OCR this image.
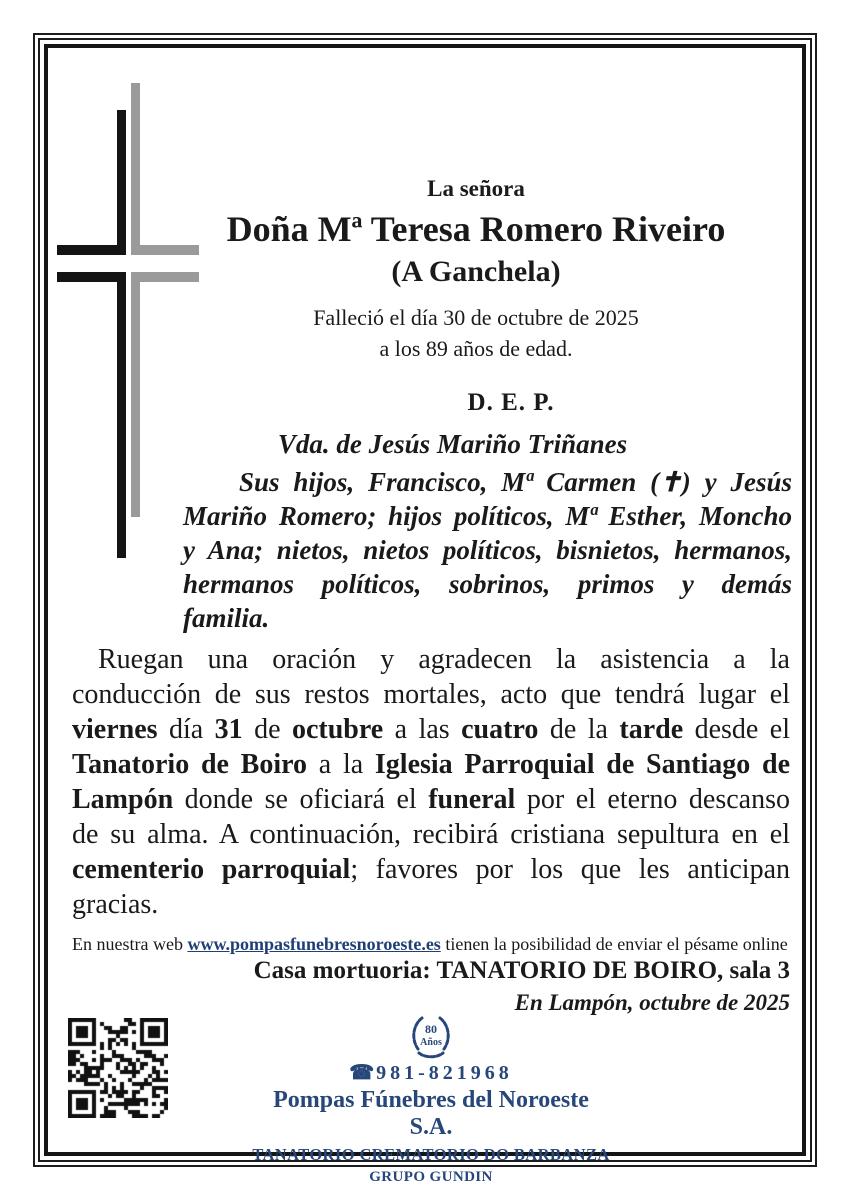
La señora
Doña Mª Teresa Romero Riveiro
(A Ganchela)
Falleció el día 30 de octubre de 2025
a los 89 años de edad.
D. E. P.
Vda. de Jesús Mariño Triñanes
Sus hijos, Francisco, Mª Carmen (✝) y Jesús Mariño Romero; hijos políticos, Mª Esther, Moncho y Ana; nietos, nietos políticos, bisnietos, hermanos, hermanos políticos, sobrinos, primos y demás familia.
Ruegan una oración y agradecen la asistencia a la conducción de sus restos mortales, acto que tendrá lugar el viernes día 31 de octubre a las cuatro de la tarde desde el Tanatorio de Boiro a la Iglesia Parroquial de Santiago de Lampón donde se oficiará el funeral por el eterno descanso de su alma. A continuación, recibirá cristiana sepultura en el cementerio parroquial; favores por los que les anticipan gracias.
En nuestra web www.pompasfunebresnoroeste.es tienen la posibilidad de enviar el pésame online
Casa mortuoria: TANATORIO DE BOIRO, sala 3
En Lampón, octubre de 2025
80
Años
☎ 981-821968
Pompas Fúnebres del Noroeste S.A.
TANATORIO CREMATORIO DO BARBANZA
GRUPO GUNDIN
